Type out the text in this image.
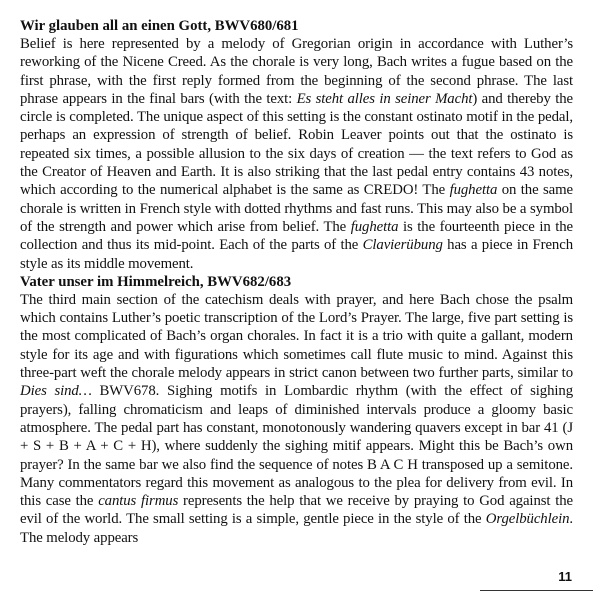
Wir glauben all an einen Gott, BWV680/681

Belief is here represented by a melody of Gregorian origin in accordance with Luther’s reworking of the Nicene Creed. As the chorale is very long, Bach writes a fugue based on the first phrase, with the first reply formed from the beginning of the second phrase. The last phrase appears in the final bars (with the text: Es steht alles in seiner Macht) and thereby the circle is completed. The unique aspect of this setting is the constant ostinato motif in the pedal, perhaps an expression of strength of belief. Robin Leaver points out that the ostinato is repeated six times, a possible allusion to the six days of creation — the text refers to God as the Creator of Heaven and Earth. It is also striking that the last pedal entry contains 43 notes, which according to the numerical alphabet is the same as CREDO! The fughetta on the same chorale is written in French style with dotted rhythms and fast runs. This may also be a symbol of the strength and power which arise from belief. The fughetta is the fourteenth piece in the collection and thus its mid-point. Each of the parts of the Clavierübung has a piece in French style as its middle movement.

Vater unser im Himmelreich, BWV682/683

The third main section of the catechism deals with prayer, and here Bach chose the psalm which contains Luther’s poetic transcription of the Lord’s Prayer. The large, five part setting is the most complicated of Bach’s organ chorales. In fact it is a trio with quite a gallant, modern style for its age and with figurations which sometimes call flute music to mind. Against this three-part weft the chorale melody appears in strict canon between two further parts, similar to Dies sind… BWV678. Sighing motifs in Lombardic rhythm (with the effect of sighing prayers), falling chromaticism and leaps of diminished intervals produce a gloomy basic atmosphere. The pedal part has constant, monotonously wandering quavers except in bar 41 (J + S + B + A + C + H), where suddenly the sighing mitif appears. Might this be Bach’s own prayer? In the same bar we also find the sequence of notes B A C H transposed up a semitone. Many commentators regard this movement as analogous to the plea for delivery from evil. In this case the cantus firmus represents the help that we receive by praying to God against the evil of the world. The small setting is a simple, gentle piece in the style of the Orgelbüchlein. The melody appears

11
